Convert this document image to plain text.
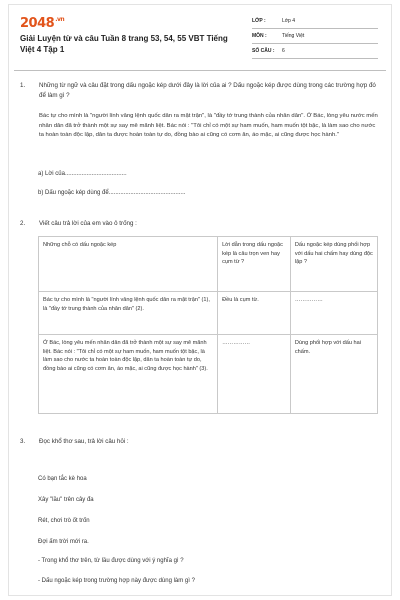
$2048^{.vn}$
Giải Luyện từ và câu Tuần 8 trang 53, 54, 55 VBT Tiếng Việt 4 Tập 1
LỚP :	Lớp 4
MÔN :	Tiếng Việt
SỐ CÂU :	6
1. Những từ ngữ và câu đặt trong dấu ngoặc kép dưới đây là lời của ai ? Dấu ngoặc kép được dùng trong các trường hợp đó để làm gì ?
Bác tự cho mình là "người lính vâng lệnh quốc dân ra mặt trận", là "đầy tớ trung thành của nhân dân". Ở Bác, lòng yêu nước mến nhân dân đã trở thành một sự say mê mãnh liệt. Bác nói : "Tôi chỉ có một sự ham muốn, ham muốn tột bậc, là làm sao cho nước ta hoàn toàn độc lập, dân ta được hoàn toàn tự do, đồng bào ai cũng có cơm ăn, áo mặc, ai cũng được học hành."
a) Lời của.....................................
b) Dấu ngoặc kép dùng để..............................................
2. Viết câu trả lời của em vào ô trống :
Những chỗ có dấu ngoặc kép	Lời dẫn trong dấu ngoặc kép là câu trọn ven hay cụm từ ?	Dấu ngoặc kép dùng phối hợp với dấu hai chấm hay dùng độc lập ?
Bác tự cho mình là "người lính vâng lệnh quốc dân ra mặt trận" (1), là "đầy tớ trung thành của nhân dân" (2).	Đều là cụm từ.	……………
Ở Bác, lòng yêu mến nhân dân đã trở thành một sự say mê mãnh liệt. Bác nói : "Tôi chỉ có một sự ham muốn, ham muốn tột bậc, là làm sao cho nước ta hoàn toàn độc lập, dân ta hoàn toàn tự do, đồng bào ai cũng có cơm ăn, áo mặc, ai cũng được học hành" (3).	……………	Dùng phối hợp với dấu hai chấm.
3. Đọc khổ thơ sau, trả lời câu hỏi :
Có bạn tắc kè hoa
Xây "lầu" trên cây đa
Rét, chơi trò ốt trốn
Đợi ấm trời mới ra.
- Trong khổ thơ trên, từ lầu được dùng với ý nghĩa gì ?
- Dấu ngoặc kép trong trường hợp này được dùng làm gì ?
